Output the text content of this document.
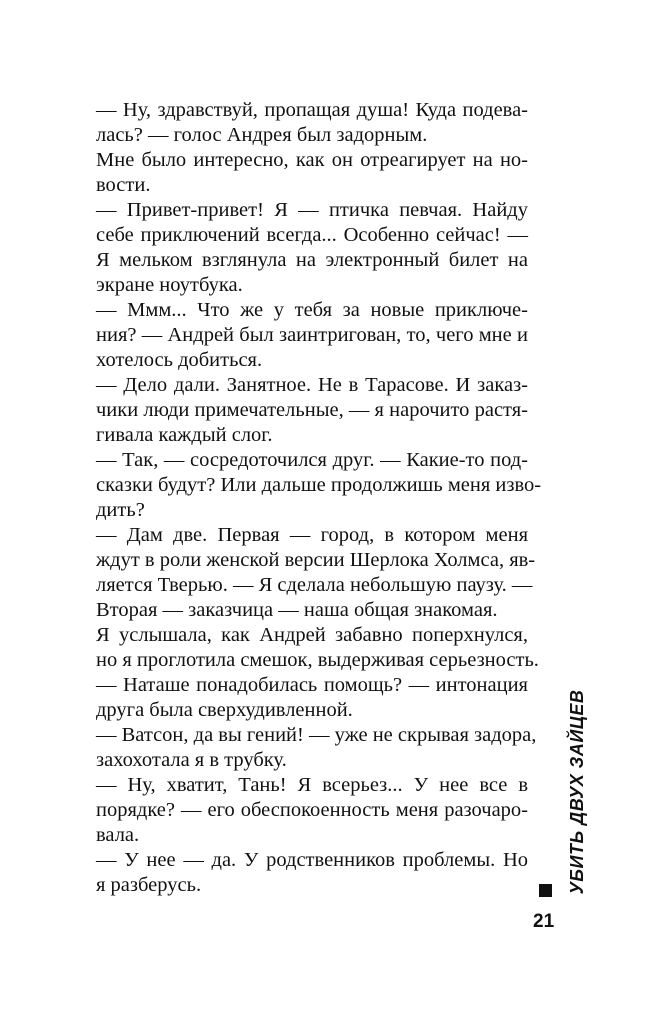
— Ну, здравствуй, пропащая душа! Куда подева-
лась? — голос Андрея был задорным.
Мне было интересно, как он отреагирует на но-
вости.
— Привет-привет! Я — птичка певчая. Найду
себе приключений всегда... Особенно сейчас! —
Я мельком взглянула на электронный билет на
экране ноутбука.
— Ммм... Что же у тебя за новые приключе-
ния? — Андрей был заинтригован, то, чего мне и
хотелось добиться.
— Дело дали. Занятное. Не в Тарасове. И заказ-
чики люди примечательные, — я нарочито растя-
гивала каждый слог.
— Так, — сосредоточился друг. — Какие-то под-
сказки будут? Или дальше продолжишь меня изво-
дить?
— Дам две. Первая — город, в котором меня
ждут в роли женской версии Шерлока Холмса, яв-
ляется Тверью. — Я сделала небольшую паузу. —
Вторая — заказчица — наша общая знакомая.
Я услышала, как Андрей забавно поперхнулся,
но я проглотила смешок, выдерживая серьезность.
— Наташе понадобилась помощь? — интонация
друга была сверхудивленной.
— Ватсон, да вы гений! — уже не скрывая задора,
захохотала я в трубку.
— Ну, хватит, Тань! Я всерьез... У нее все в
порядке? — его обеспокоенность меня разочаро-
вала.
— У нее — да. У родственников проблемы. Но
я разберусь.	УБИТЬ ДВУХ ЗАЙЦЕВ
21
